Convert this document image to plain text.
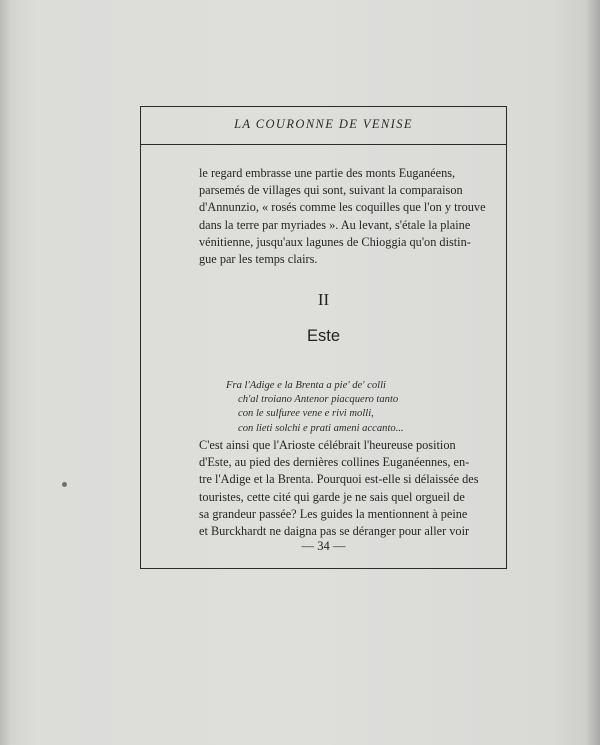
LA COURONNE DE VENISE
le regard embrasse une partie des monts Euganéens,
parsemés de villages qui sont, suivant la comparaison
d'Annunzio, « rosés comme les coquilles que l'on y trouve
dans la terre par myriades ». Au levant, s'étale la plaine
vénitienne, jusqu'aux lagunes de Chioggia qu'on distin-
gue par les temps clairs.
II
Este
Fra l'Adige e la Brenta a pie' de' colli
ch'al troiano Antenor piacquero tanto
con le sulfuree vene e rivi molli,
con lieti solchi e prati ameni accanto...
C'est ainsi que l'Arioste célébrait l'heureuse position
d'Este, au pied des dernières collines Euganéennes, en-
tre l'Adige et la Brenta. Pourquoi est-elle si délaissée des
touristes, cette cité qui garde je ne sais quel orgueil de
sa grandeur passée? Les guides la mentionnent à peine
et Burckhardt ne daigna pas se déranger pour aller voir
— 34 —
